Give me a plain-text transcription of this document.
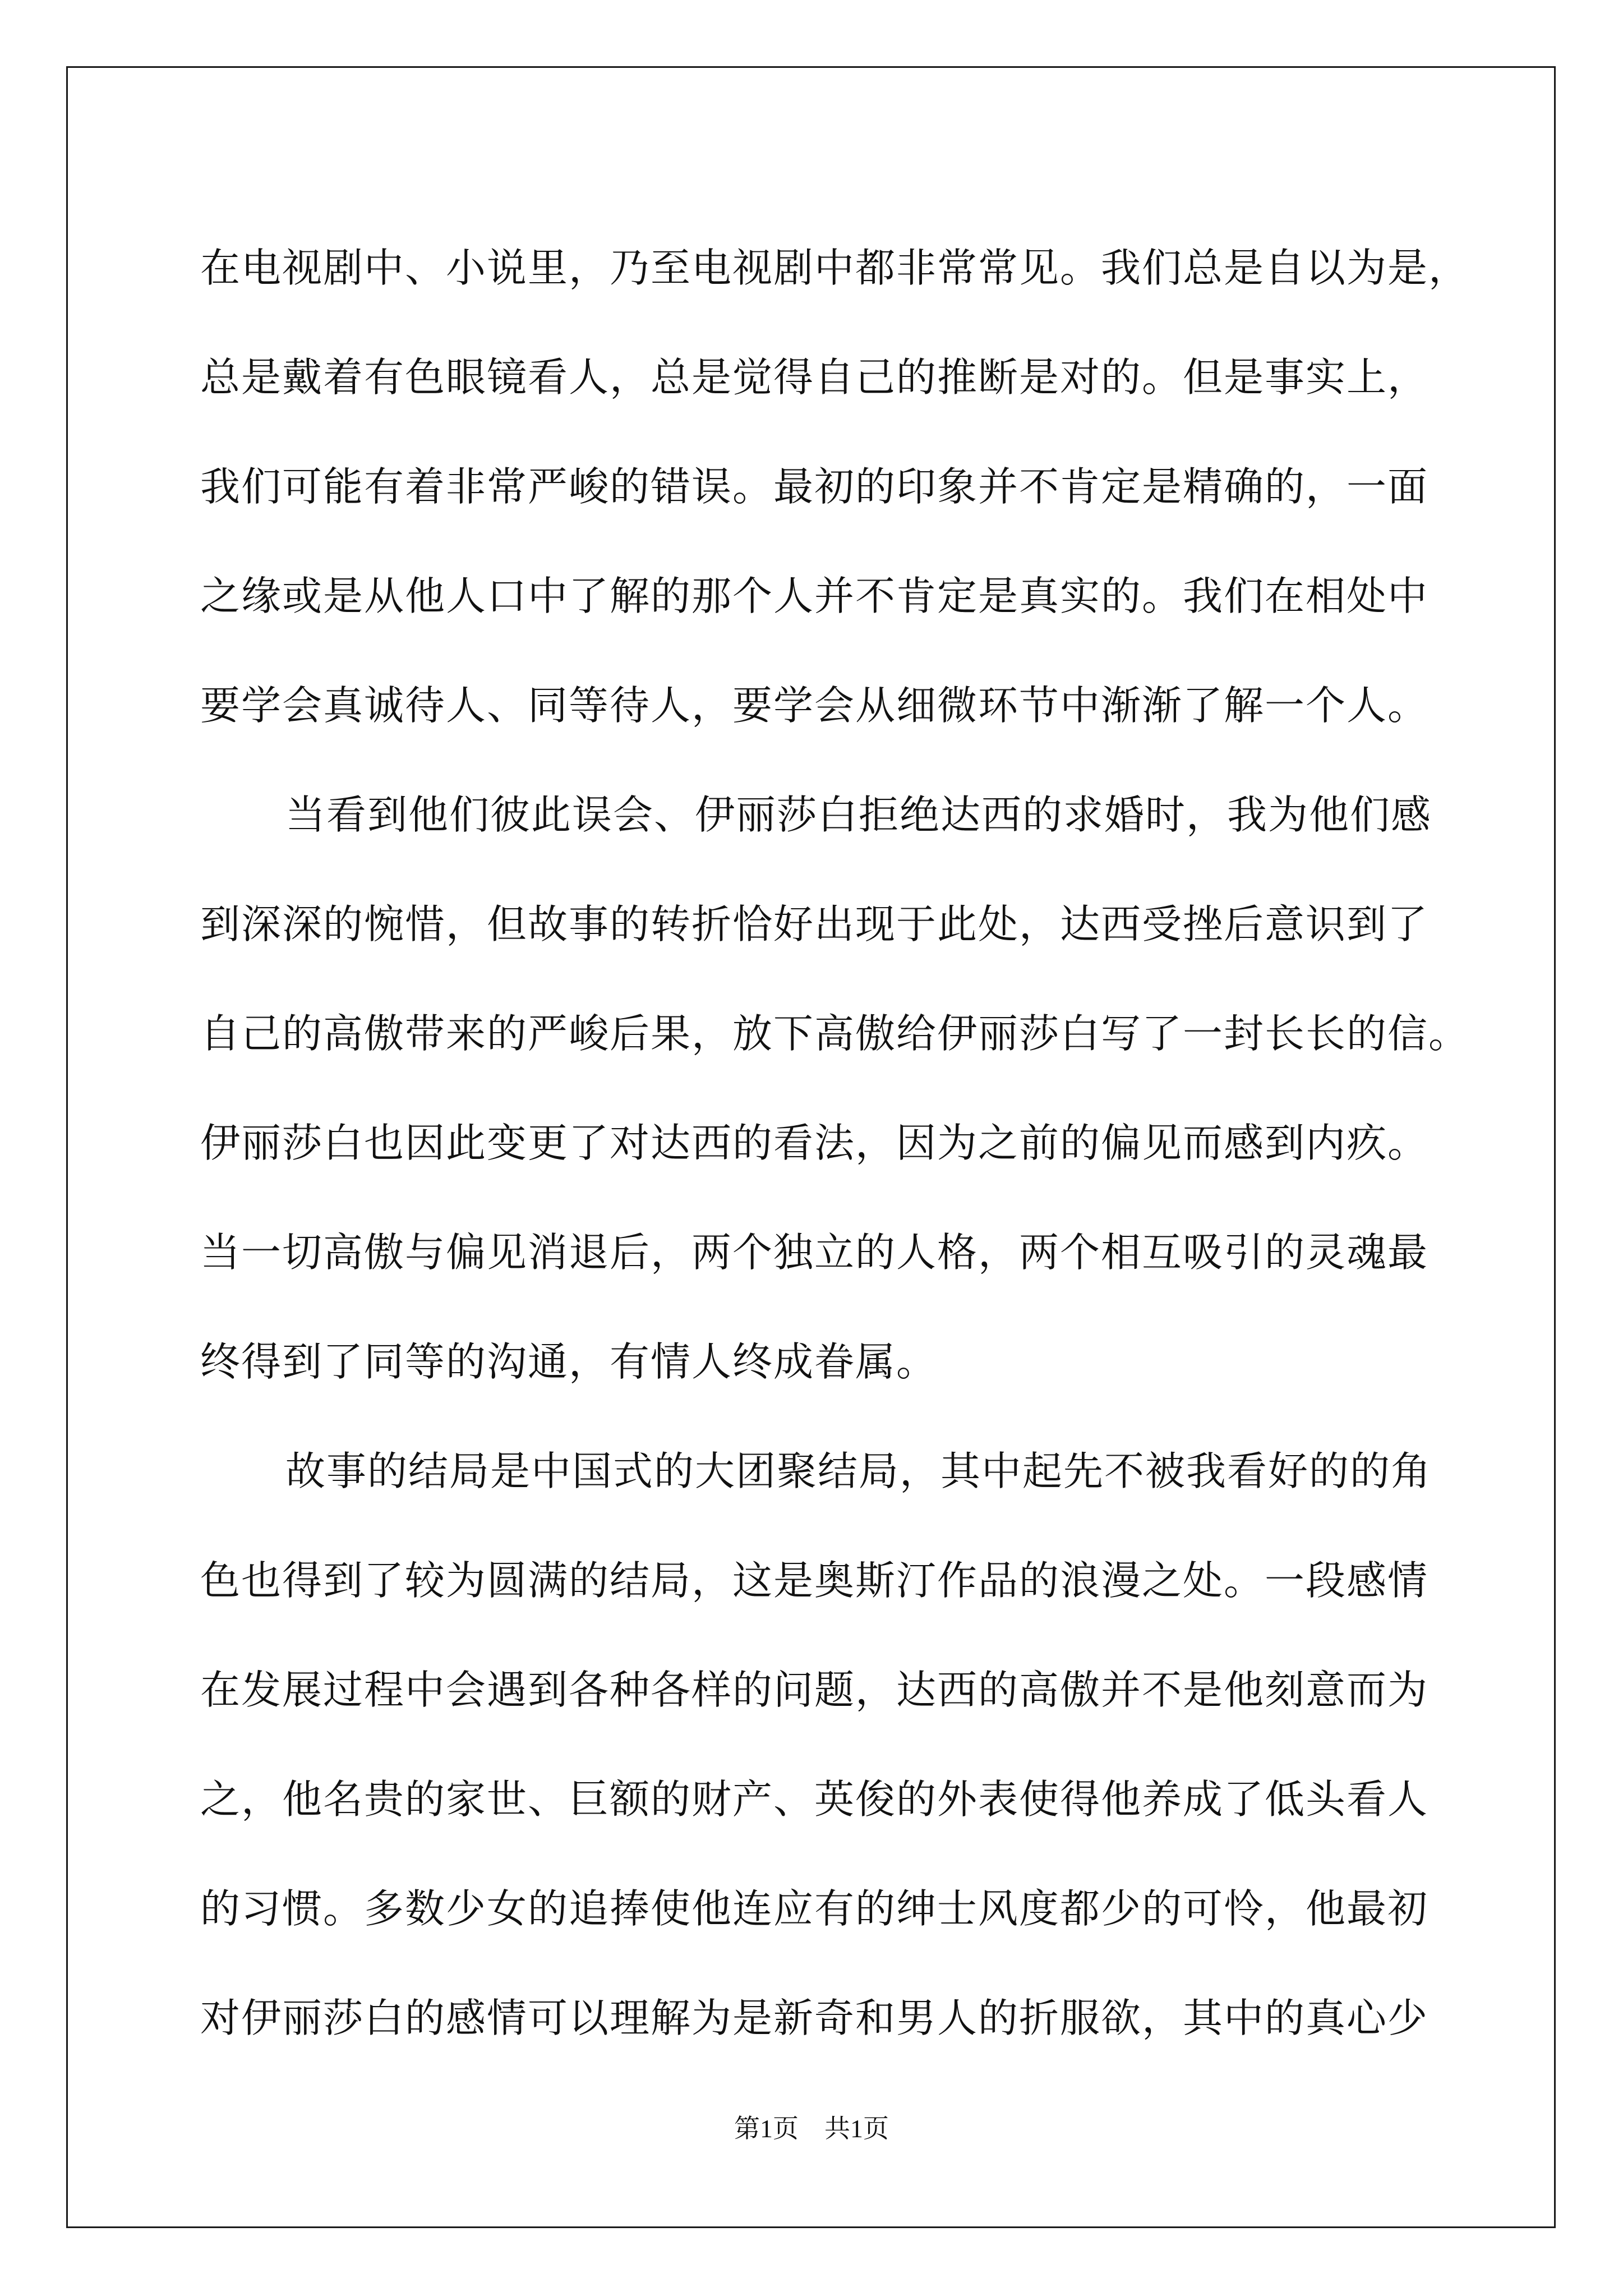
在电视剧中、小说里，乃至电视剧中都非常常见。我们总是自以为是，
总是戴着有色眼镜看人，总是觉得自己的推断是对的。但是事实上，
我们可能有着非常严峻的错误。最初的印象并不肯定是精确的，一面
之缘或是从他人口中了解的那个人并不肯定是真实的。我们在相处中
要学会真诚待人、同等待人，要学会从细微环节中渐渐了解一个人。
当看到他们彼此误会、伊丽莎白拒绝达西的求婚时，我为他们感
到深深的惋惜，但故事的转折恰好出现于此处，达西受挫后意识到了
自己的高傲带来的严峻后果，放下高傲给伊丽莎白写了一封长长的信。
伊丽莎白也因此变更了对达西的看法，因为之前的偏见而感到内疚。
当一切高傲与偏见消退后，两个独立的人格，两个相互吸引的灵魂最
终得到了同等的沟通，有情人终成眷属。
故事的结局是中国式的大团聚结局，其中起先不被我看好的的角
色也得到了较为圆满的结局，这是奥斯汀作品的浪漫之处。一段感情
在发展过程中会遇到各种各样的问题，达西的高傲并不是他刻意而为
之，他名贵的家世、巨额的财产、英俊的外表使得他养成了低头看人
的习惯。多数少女的追捧使他连应有的绅士风度都少的可怜，他最初
对伊丽莎白的感情可以理解为是新奇和男人的折服欲，其中的真心少
第1页    共1页
